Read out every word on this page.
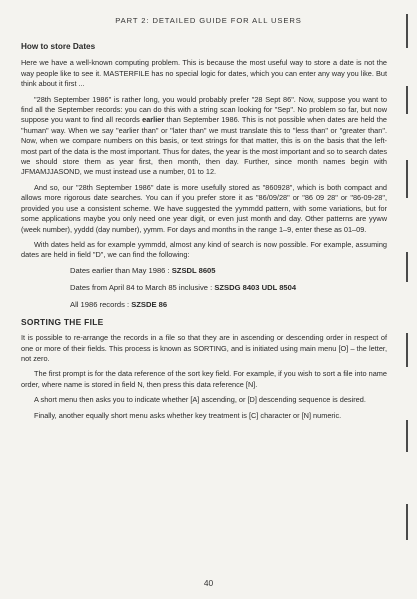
PART 2: DETAILED GUIDE FOR ALL USERS
How to store Dates

Here we have a well-known computing problem. This is because the most useful way to store a date is not the way people like to see it. MASTERFILE has no special logic for dates, which you can enter any way you like. But think about it first ...

"28th September 1986" is rather long, you would probably prefer "28 Sept 86". Now, suppose you want to find all the September records: you can do this with a string scan looking for "Sep". No problem so far, but now suppose you want to find all records earlier than September 1986. This is not possible when dates are held the "human" way. When we say "earlier than" or "later than" we must translate this to "less than" or "greater than". Now, when we compare numbers on this basis, or text strings for that matter, this is on the basis that the left-most part of the data is the most important. Thus for dates, the year is the most important and so to search dates we should store them as year first, then month, then day. Further, since month names begin with JFMAMJJASOND, we must instead use a number, 01 to 12.

And so, our "28th September 1986" date is more usefully stored as "860928", which is both compact and allows more rigorous date searches. You can if you prefer store it as "86/09/28" or "86 09 28" or "86-09-28", provided you use a consistent scheme. We have suggested the yymmdd pattern, with some variations, but for some applications maybe you only need one year digit, or even just month and day. Other patterns are yyww (week number), yyddd (day number), yymm. For days and months in the range 1–9, enter these as 01–09.

With dates held as for example yymmdd, almost any kind of search is now possible. For example, assuming dates are held in field "D", we can find the following:

Dates earlier than May 1986 : SZSDL 8605
Dates from April 84 to March 85 inclusive : SZSDG 8403 UDL 8504
All 1986 records : SZSDE 86
SORTING THE FILE

It is possible to re-arrange the records in a file so that they are in ascending or descending order in respect of one or more of their fields. This process is known as SORTING, and is initiated using main menu [O] – the letter, not zero.

The first prompt is for the data reference of the sort key field. For example, if you wish to sort a file into name order, where name is stored in field N, then press this data reference [N].

A short menu then asks you to indicate whether [A] ascending, or [D] descending sequence is desired.

Finally, another equally short menu asks whether key treatment is [C] character or [N] numeric.

40
